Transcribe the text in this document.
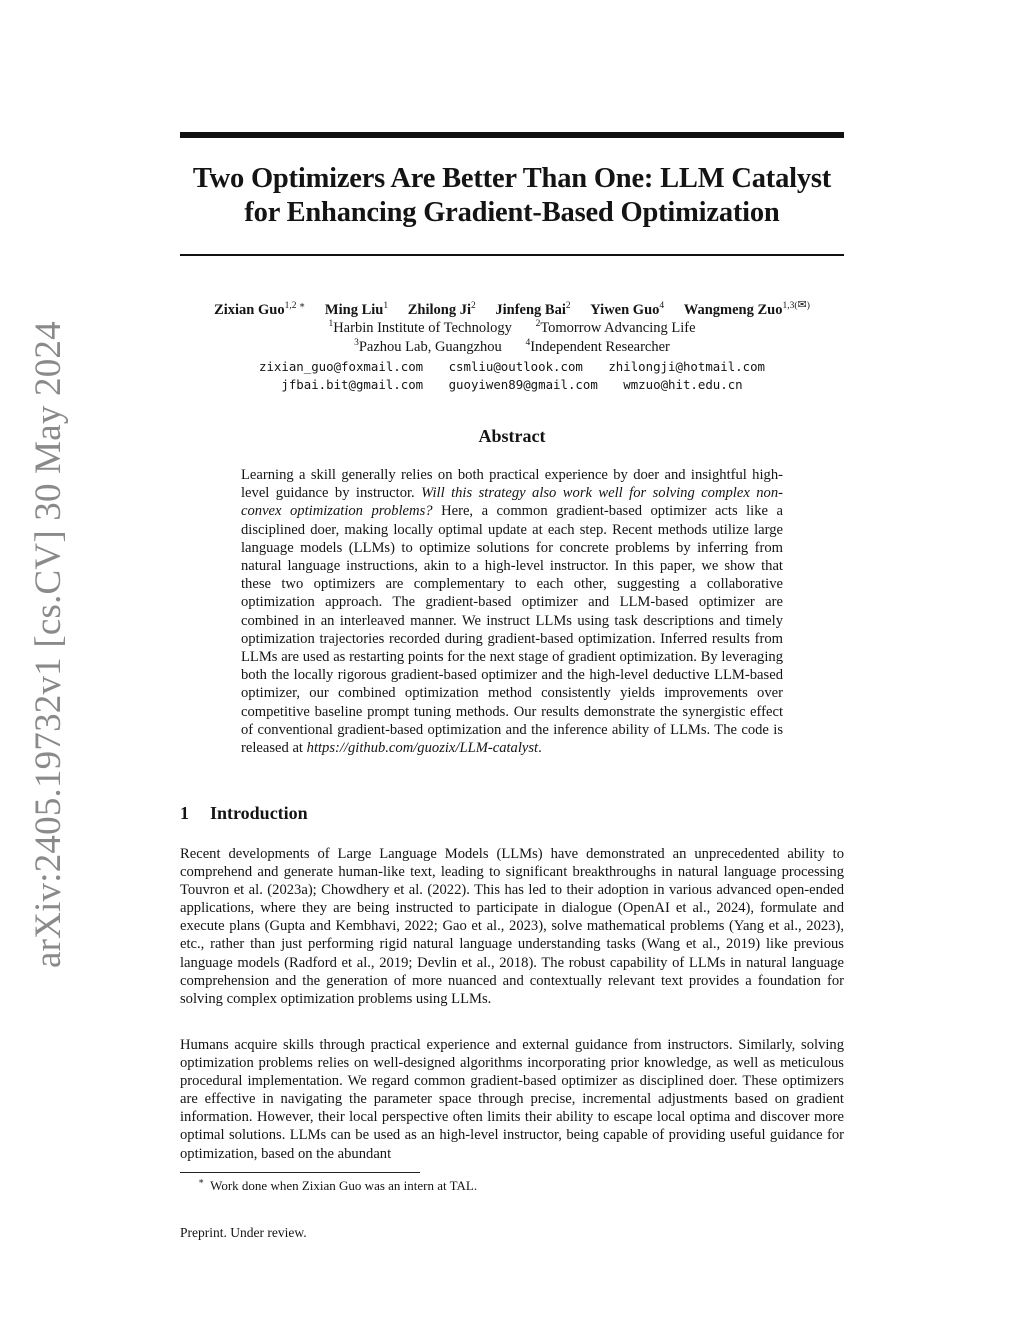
arXiv:2405.19732v1 [cs.CV] 30 May 2024
Two Optimizers Are Better Than One: LLM Catalyst
for Enhancing Gradient-Based Optimization
Zixian Guo$^{1,2 ∗}$ Ming Liu$^1$ Zhilong Ji$^2$ Jinfeng Bai$^2$ Yiwen Guo$^4$ Wangmeng Zuo$^{1,3(✉)}$
$^1$Harbin Institute of Technology $^2$Tomorrow Advancing Life
$^3$Pazhou Lab, Guangzhou $^4$Independent Researcher
zixian_guo@foxmail.com csmliu@outlook.com zhilongji@hotmail.com
jfbai.bit@gmail.com guoyiwen89@gmail.com wmzuo@hit.edu.cn
Abstract
Learning a skill generally relies on both practical experience by doer and insightful high-level guidance by instructor. Will this strategy also work well for solving complex non-convex optimization problems? Here, a common gradient-based optimizer acts like a disciplined doer, making locally optimal update at each step. Recent methods utilize large language models (LLMs) to optimize solutions for concrete problems by inferring from natural language instructions, akin to a high-level instructor. In this paper, we show that these two optimizers are complementary to each other, suggesting a collaborative optimization approach. The gradient-based optimizer and LLM-based optimizer are combined in an interleaved manner. We instruct LLMs using task descriptions and timely optimization trajectories recorded during gradient-based optimization. Inferred results from LLMs are used as restarting points for the next stage of gradient optimization. By leveraging both the locally rigorous gradient-based optimizer and the high-level deductive LLM-based optimizer, our combined optimization method consistently yields improvements over competitive baseline prompt tuning methods. Our results demonstrate the synergistic effect of conventional gradient-based optimization and the inference ability of LLMs. The code is released at https://github.com/guozix/LLM-catalyst.
1 Introduction
Recent developments of Large Language Models (LLMs) have demonstrated an unprecedented ability to comprehend and generate human-like text, leading to significant breakthroughs in natural language processing Touvron et al. (2023a); Chowdhery et al. (2022). This has led to their adoption in various advanced open-ended applications, where they are being instructed to participate in dialogue (OpenAI et al., 2024), formulate and execute plans (Gupta and Kembhavi, 2022; Gao et al., 2023), solve mathematical problems (Yang et al., 2023), etc., rather than just performing rigid natural language understanding tasks (Wang et al., 2019) like previous language models (Radford et al., 2019; Devlin et al., 2018). The robust capability of LLMs in natural language comprehension and the generation of more nuanced and contextually relevant text provides a foundation for solving complex optimization problems using LLMs.
Humans acquire skills through practical experience and external guidance from instructors. Similarly, solving optimization problems relies on well-designed algorithms incorporating prior knowledge, as well as meticulous procedural implementation. We regard common gradient-based optimizer as disciplined doer. These optimizers are effective in navigating the parameter space through precise, incremental adjustments based on gradient information. However, their local perspective often limits their ability to escape local optima and discover more optimal solutions. LLMs can be used as an high-level instructor, being capable of providing useful guidance for optimization, based on the abundant
∗ Work done when Zixian Guo was an intern at TAL.
Preprint. Under review.
